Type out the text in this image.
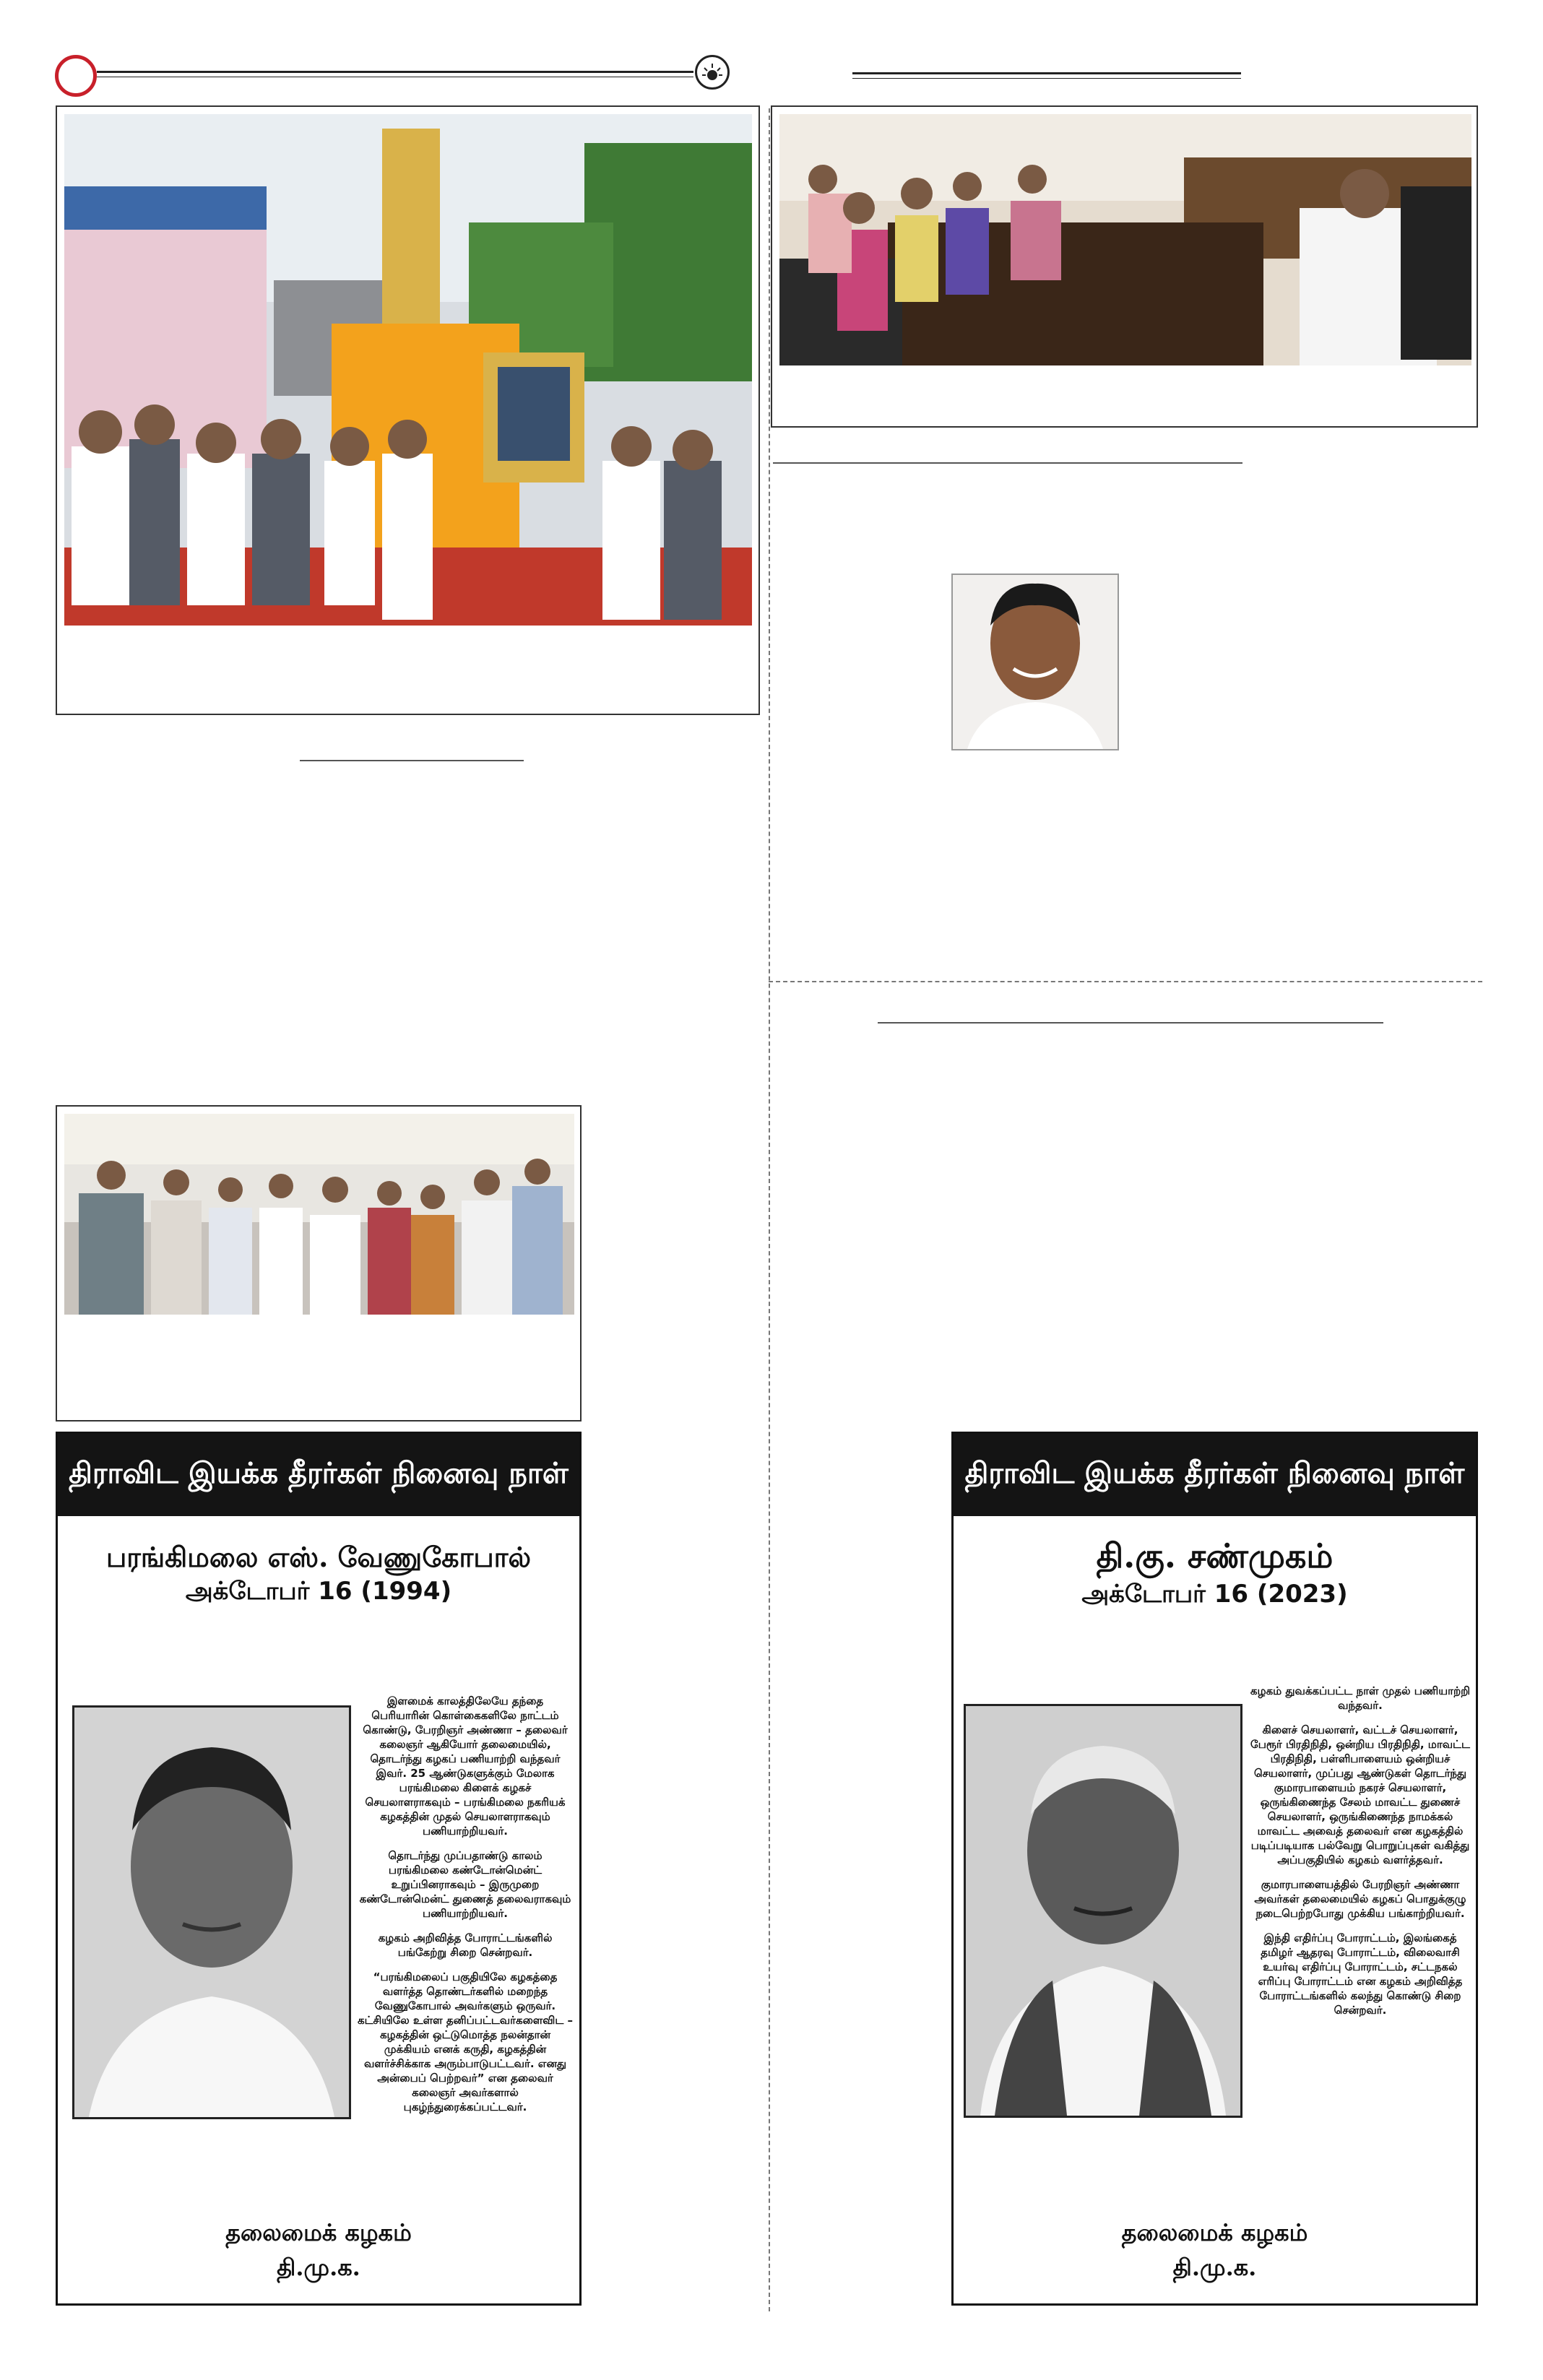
திராவிட இயக்க தீரர்கள் நினைவு நாள்
பரங்கிமலை எஸ். வேணுகோபால்
அக்டோபர் 16 (1994)

இளமைக் காலத்திலேயே தந்தை பெரியாரின் கொள்கைகளிலே நாட்டம் கொண்டு, பேரறிஞர் அண்ணா – தலைவர் கலைஞர் ஆகியோர் தலைமையில், தொடர்ந்து கழகப் பணியாற்றி வந்தவர் இவர். 25 ஆண்டுகளுக்கும் மேலாக பரங்கிமலை கிளைக் கழகச் செயலாளராகவும் – பரங்கிமலை நகரியக் கழகத்தின் முதல் செயலாளராகவும் பணியாற்றியவர்.

தொடர்ந்து முப்பதாண்டு காலம் பரங்கிமலை கண்டோன்மென்ட் உறுப்பினராகவும் – இருமுறை கண்டோன்மென்ட் துணைத் தலைவராகவும் பணியாற்றியவர்.

கழகம் அறிவித்த போராட்டங்களில் பங்கேற்று சிறை சென்றவர்.

“பரங்கிமலைப் பகுதியிலே கழகத்தை வளர்த்த தொண்டர்களில் மறைந்த வேணுகோபால் அவர்களும் ஒருவர். கட்சியிலே உள்ள தனிப்பட்டவர்களைவிட – கழகத்தின் ஒட்டுமொத்த நலன்தான் முக்கியம் எனக் கருதி, கழகத்தின் வளர்ச்சிக்காக அரும்பாடுபட்டவர். எனது அன்பைப் பெற்றவர்” என தலைவர் கலைஞர் அவர்களால் புகழ்ந்துரைக்கப்பட்டவர்.

தலைமைக் கழகம்
தி.மு.க.
திராவிட இயக்க தீரர்கள் நினைவு நாள்
தி.கு. சண்முகம்
அக்டோபர் 16 (2023)

கழகம் துவக்கப்பட்ட நாள் முதல் பணியாற்றி வந்தவர்.

கிளைச் செயலாளர், வட்டச் செயலாளர், பேரூர் பிரதிநிதி, ஒன்றிய பிரதிநிதி, மாவட்ட பிரதிநிதி, பள்ளிபாளையம் ஒன்றியச் செயலாளர், முப்பது ஆண்டுகள் தொடர்ந்து குமாரபாளையம் நகரச் செயலாளர், ஒருங்கிணைந்த சேலம் மாவட்ட துணைச் செயலாளர், ஒருங்கிணைந்த நாமக்கல் மாவட்ட அவைத் தலைவர் என கழகத்தில் படிப்படியாக பல்வேறு பொறுப்புகள் வகித்து அப்பகுதியில் கழகம் வளர்த்தவர்.

குமாரபாளையத்தில் பேரறிஞர் அண்ணா அவர்கள் தலைமையில் கழகப் பொதுக்குழு நடைபெற்றபோது முக்கிய பங்காற்றியவர்.

இந்தி எதிர்ப்பு போராட்டம், இலங்கைத் தமிழர் ஆதரவு போராட்டம், விலைவாசி உயர்வு எதிர்ப்பு போராட்டம், சட்டநகல் எரிப்பு போராட்டம் என கழகம் அறிவித்த போராட்டங்களில் கலந்து கொண்டு சிறை சென்றவர்.

தலைமைக் கழகம்
தி.மு.க.
